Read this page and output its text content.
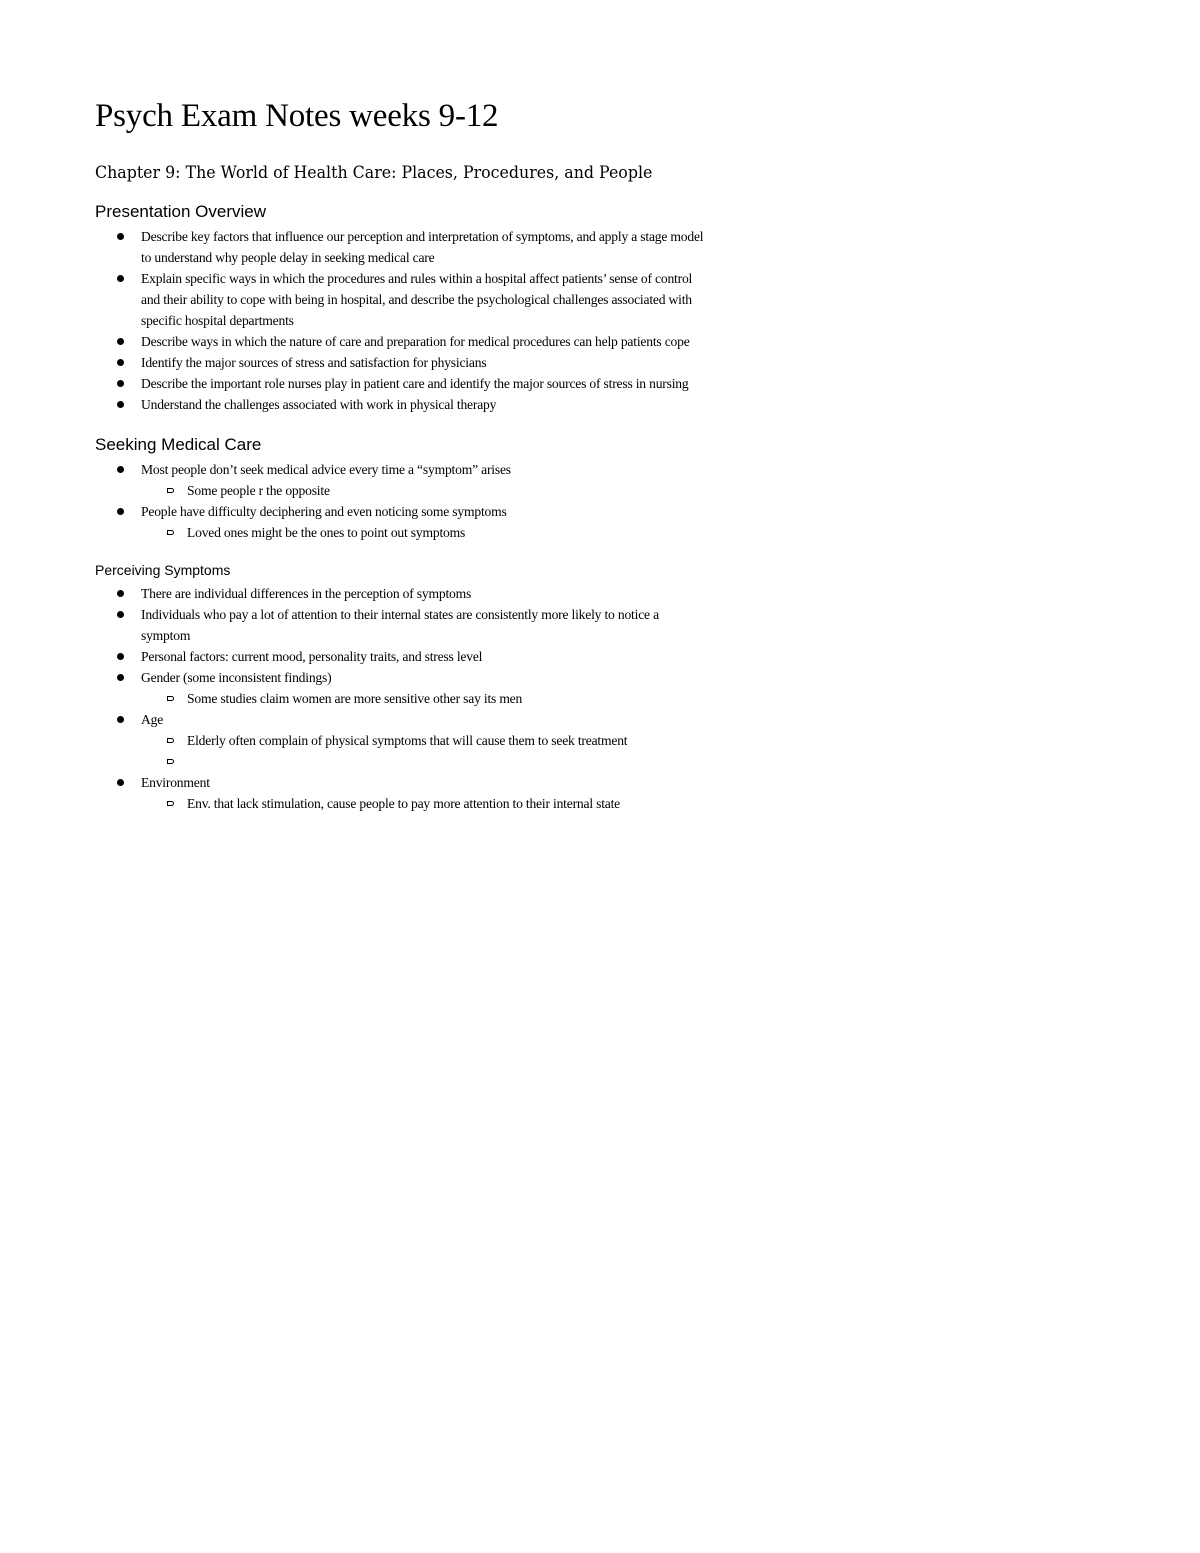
Psych Exam Notes weeks 9-12
Chapter 9: The World of Health Care: Places, Procedures, and People
Presentation Overview
Describe key factors that influence our perception and interpretation of symptoms, and apply a stage model to understand why people delay in seeking medical care
Explain specific ways in which the procedures and rules within a hospital affect patients’ sense of control and their ability to cope with being in hospital, and describe the psychological challenges associated with specific hospital departments
Describe ways in which the nature of care and preparation for medical procedures can help patients cope
Identify the major sources of stress and satisfaction for physicians
Describe the important role nurses play in patient care and identify the major sources of stress in nursing
Understand the challenges associated with work in physical therapy
Seeking Medical Care
Most people don’t seek medical advice every time a “symptom” arises
Some people r the opposite
People have difficulty deciphering and even noticing some symptoms
Loved ones might be the ones to point out symptoms
Perceiving Symptoms
There are individual differences in the perception of symptoms
Individuals who pay a lot of attention to their internal states are consistently more likely to notice a symptom
Personal factors: current mood, personality traits, and stress level
Gender (some inconsistent findings)
Some studies claim women are more sensitive other say its men
Age
Elderly often complain of physical symptoms that will cause them to seek treatment
Environment
Env. that lack stimulation, cause people to pay more attention to their internal state
